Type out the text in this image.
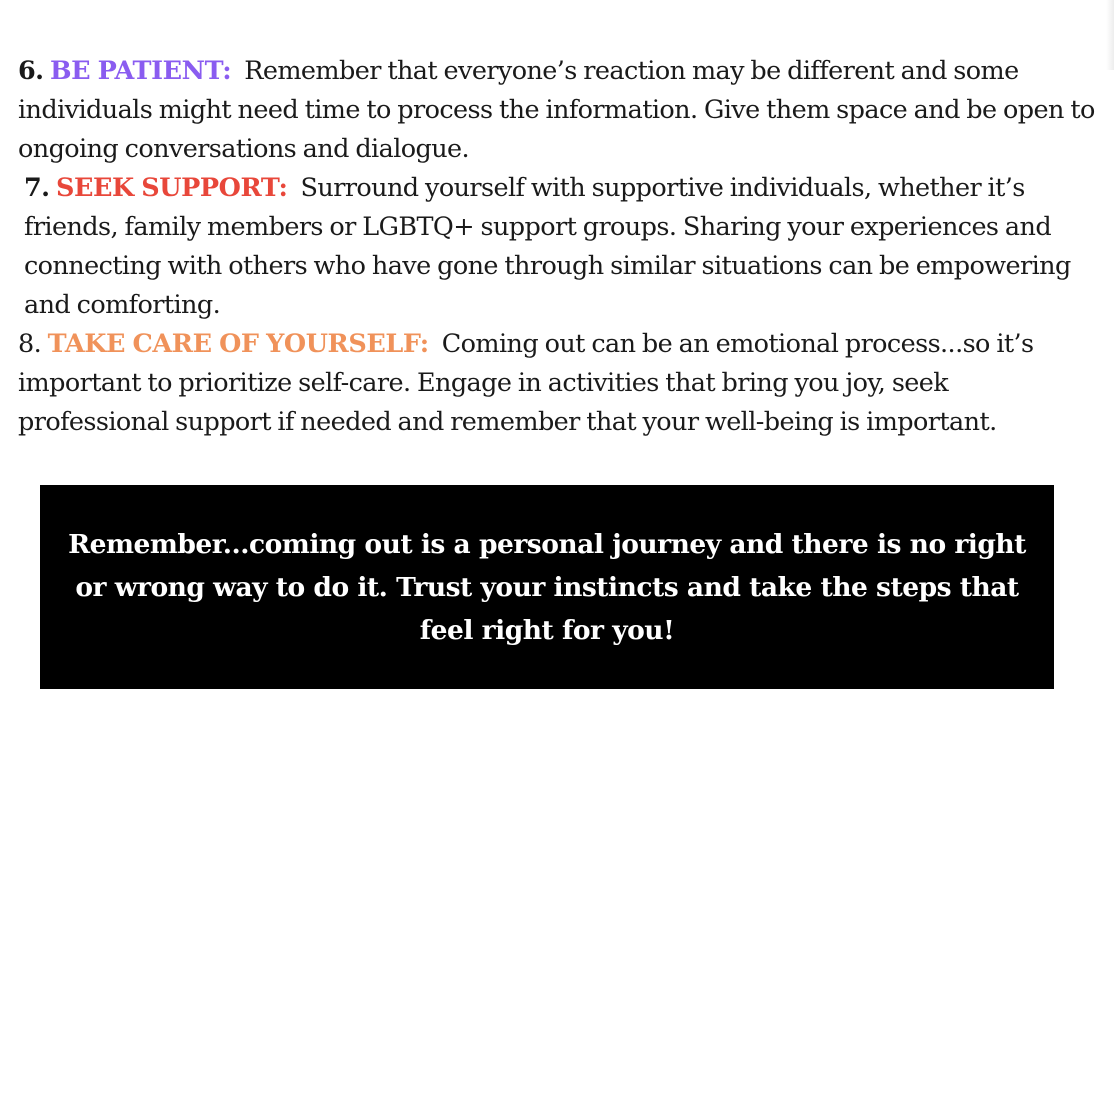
6. BE PATIENT: Remember that everyone’s reaction may be different and some individuals might need time to process the information. Give them space and be open to ongoing conversations and dialogue.

7. SEEK SUPPORT: Surround yourself with supportive individuals, whether it’s friends, family members or LGBTQ+ support groups. Sharing your experiences and connecting with others who have gone through similar situations can be empowering and comforting.

8. TAKE CARE OF YOURSELF: Coming out can be an emotional process...so it’s important to prioritize self-care. Engage in activities that bring you joy, seek professional support if needed and remember that your well-being is important.

Remember...coming out is a personal journey and there is no right or wrong way to do it. Trust your instincts and take the steps that feel right for you!
